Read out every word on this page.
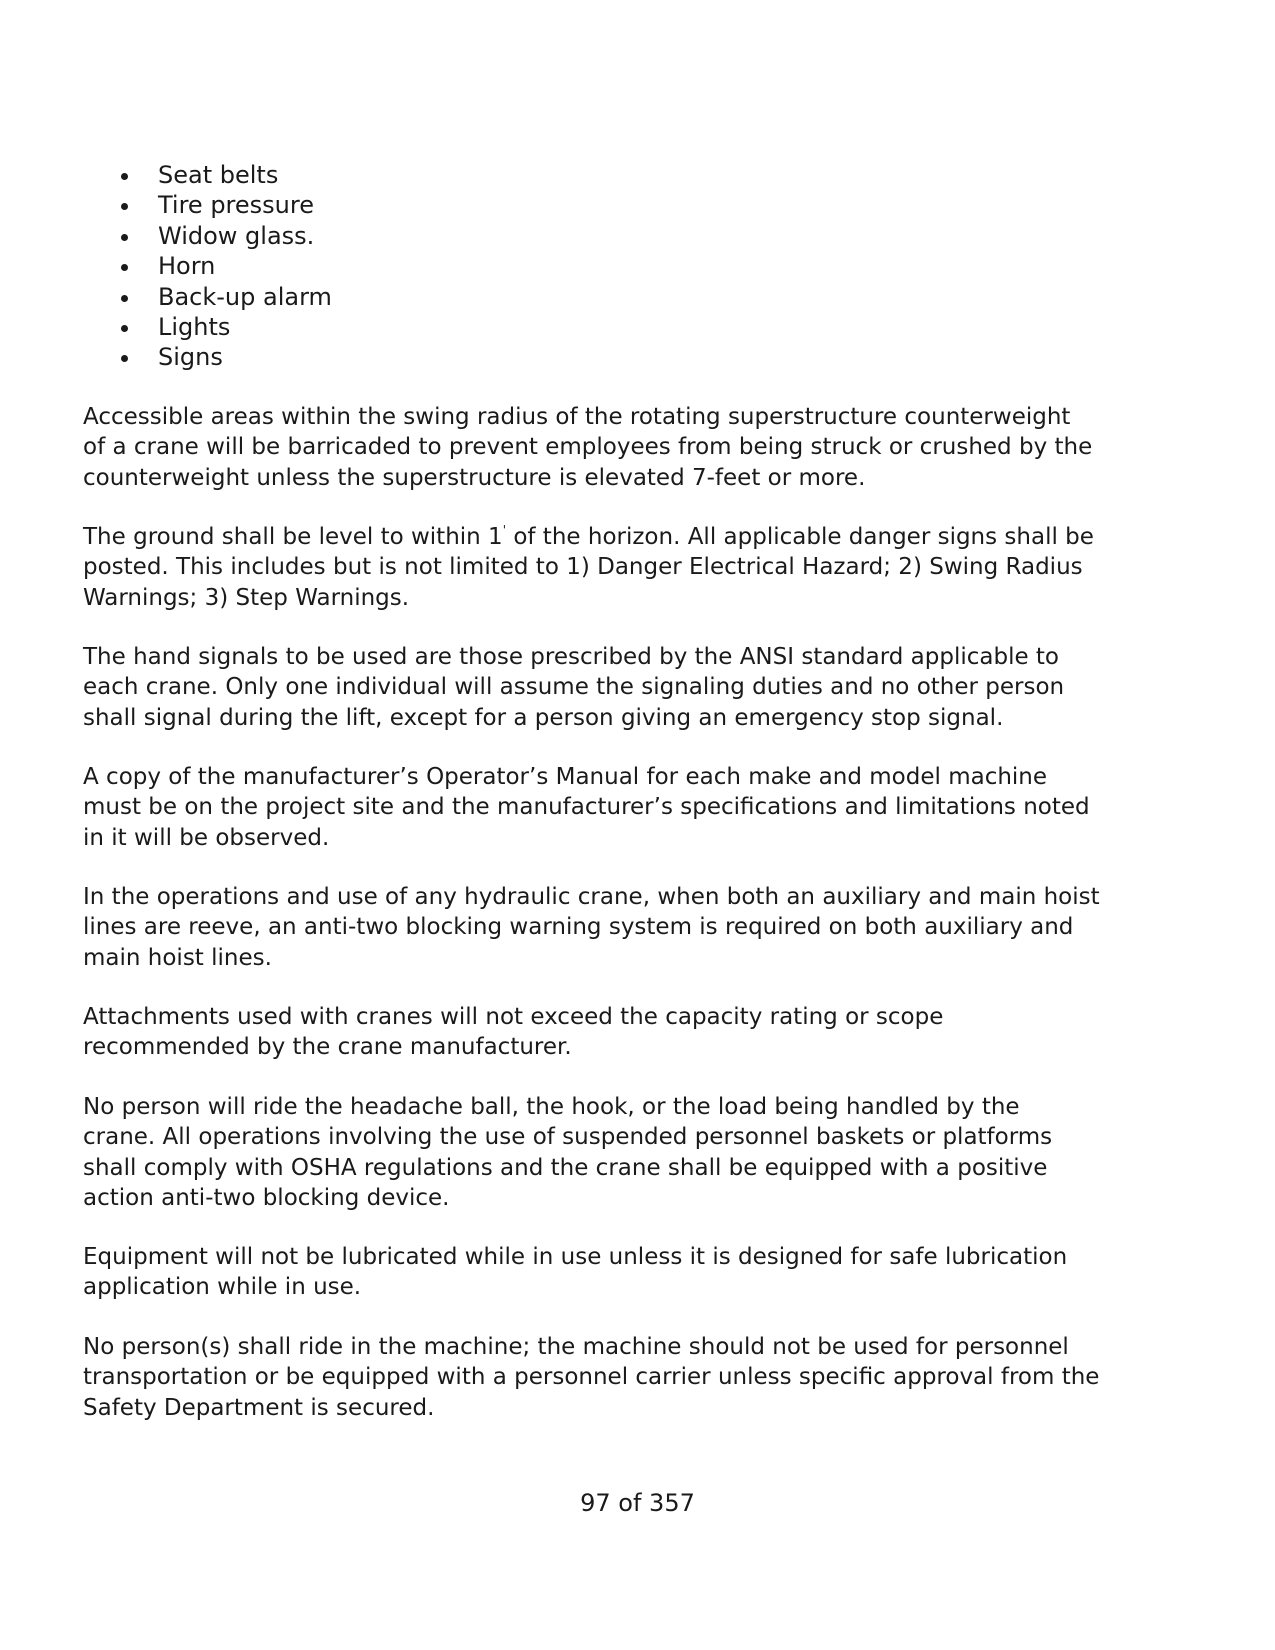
Seat belts
Tire pressure
Widow glass.
Horn
Back-up alarm
Lights
Signs

Accessible areas within the swing radius of the rotating superstructure counterweight
of a crane will be barricaded to prevent employees from being struck or crushed by the
counterweight unless the superstructure is elevated 7-feet or more.

The ground shall be level to within 1' of the horizon. All applicable danger signs shall be
posted. This includes but is not limited to 1) Danger Electrical Hazard; 2) Swing Radius
Warnings; 3) Step Warnings.

The hand signals to be used are those prescribed by the ANSI standard applicable to
each crane. Only one individual will assume the signaling duties and no other person
shall signal during the lift, except for a person giving an emergency stop signal.

A copy of the manufacturer’s Operator’s Manual for each make and model machine
must be on the project site and the manufacturer’s specifications and limitations noted
in it will be observed.

In the operations and use of any hydraulic crane, when both an auxiliary and main hoist
lines are reeve, an anti-two blocking warning system is required on both auxiliary and
main hoist lines.

Attachments used with cranes will not exceed the capacity rating or scope
recommended by the crane manufacturer.

No person will ride the headache ball, the hook, or the load being handled by the
crane. All operations involving the use of suspended personnel baskets or platforms
shall comply with OSHA regulations and the crane shall be equipped with a positive
action anti-two blocking device.

Equipment will not be lubricated while in use unless it is designed for safe lubrication
application while in use.

No person(s) shall ride in the machine; the machine should not be used for personnel
transportation or be equipped with a personnel carrier unless specific approval from the
Safety Department is secured.

97 of 357
